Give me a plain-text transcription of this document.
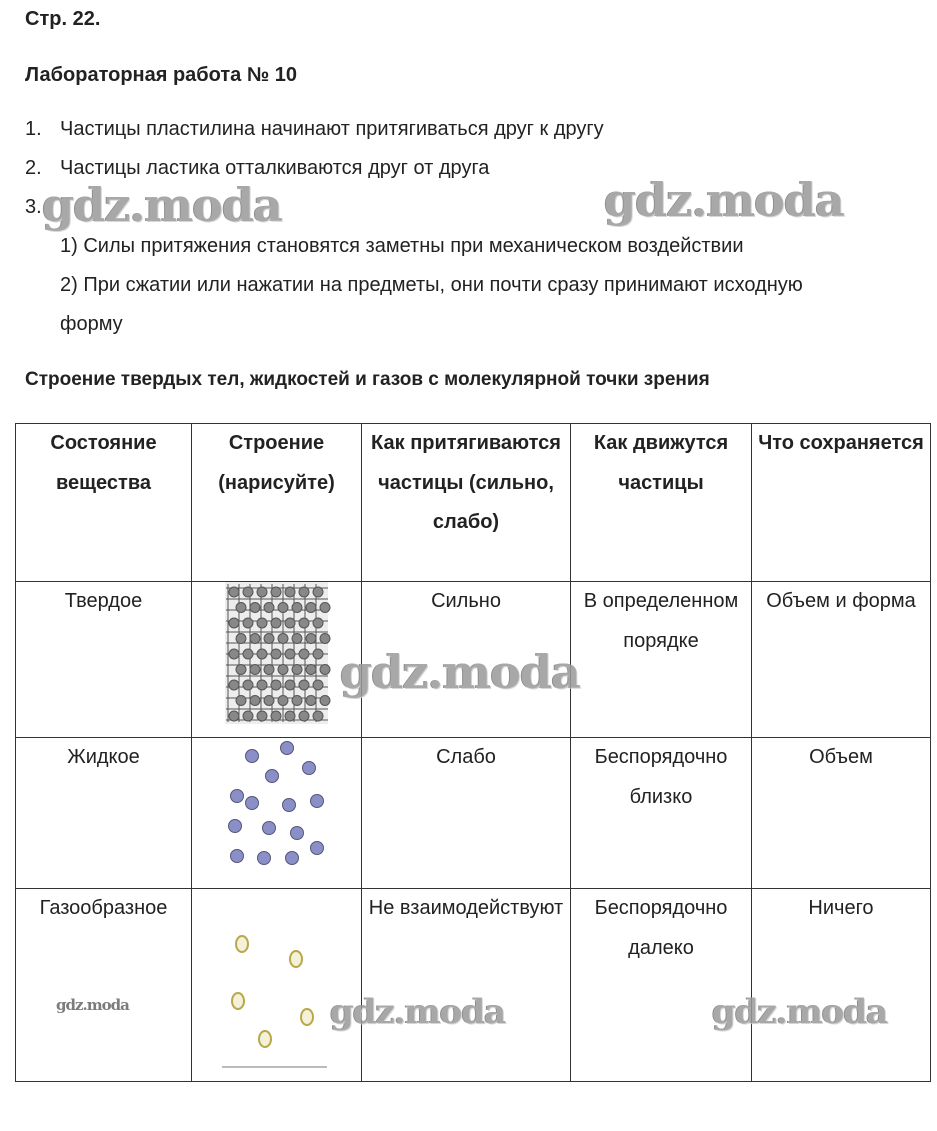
Стр. 22.
Лабораторная работа № 10
1. Частицы пластилина начинают притягиваться друг к другу
2. Частицы ластика отталкиваются друг от друга
3.
1) Силы притяжения становятся заметны при механическом воздействии
2) При сжатии или нажатии на предметы, они почти сразу принимают исходную
форму
Строение твердых тел, жидкостей и газов с молекулярной точки зрения
Состояние вещества	Строение (нарисуйте)	Как притягиваются частицы (сильно, слабо)	Как движутся частицы	Что сохраняется
Твердое		Сильно	В определенном порядке	Объем и форма
Жидкое		Слабо	Беспорядочно близко	Объем
Газообразное		Не взаимодействуют	Беспорядочно далеко	Ничего
gdz.moda	gdz.moda
gdz.moda
gdz.moda	gdz.moda
gdz.moda
